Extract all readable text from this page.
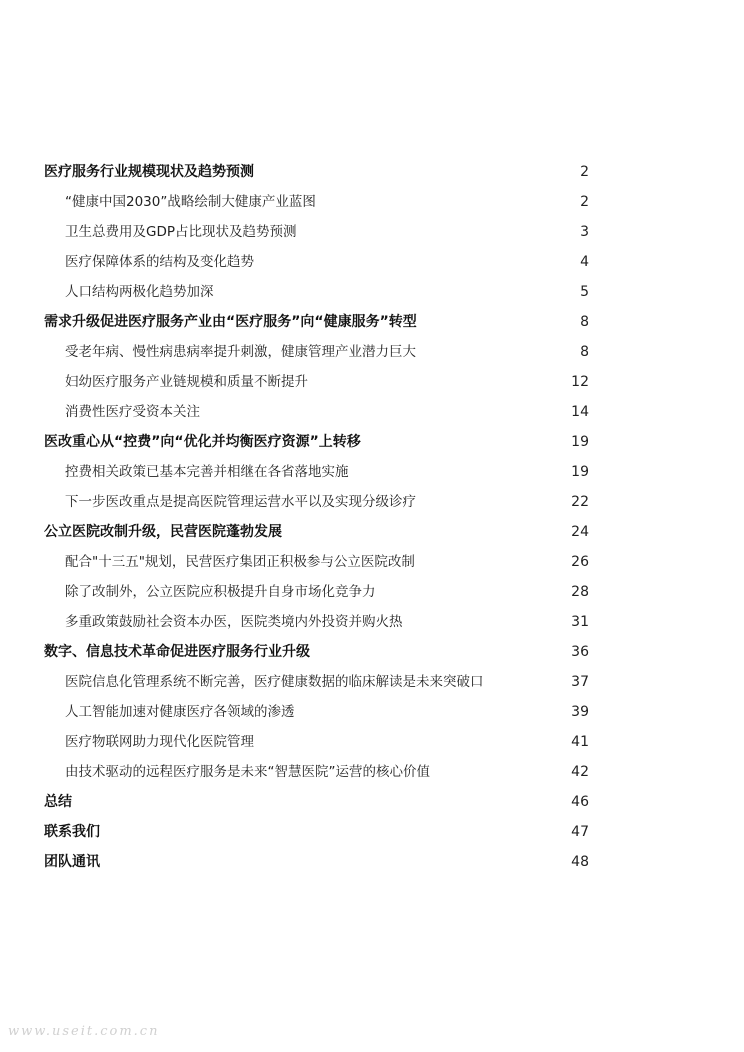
医疗服务行业规模现状及趋势预测	2
“健康中国2030”战略绘制大健康产业蓝图	2
卫生总费用及GDP占比现状及趋势预测	3
医疗保障体系的结构及变化趋势	4
人口结构两极化趋势加深	5
需求升级促进医疗服务产业由“医疗服务”向“健康服务”转型	8
受老年病、慢性病患病率提升刺激，健康管理产业潜力巨大	8
妇幼医疗服务产业链规模和质量不断提升	12
消费性医疗受资本关注	14
医改重心从“控费”向“优化并均衡医疗资源”上转移	19
控费相关政策已基本完善并相继在各省落地实施	19
下一步医改重点是提高医院管理运营水平以及实现分级诊疗	22
公立医院改制升级，民营医院蓬勃发展	24
配合"十三五"规划，民营医疗集团正积极参与公立医院改制	26
除了改制外，公立医院应积极提升自身市场化竞争力	28
多重政策鼓励社会资本办医，医院类境内外投资并购火热	31
数字、信息技术革命促进医疗服务行业升级	36
医院信息化管理系统不断完善，医疗健康数据的临床解读是未来突破口	37
人工智能加速对健康医疗各领域的渗透	39
医疗物联网助力现代化医院管理	41
由技术驱动的远程医疗服务是未来“智慧医院”运营的核心价值	42
总结	46
联系我们	47
团队通讯	48
www.useit.com.cn
